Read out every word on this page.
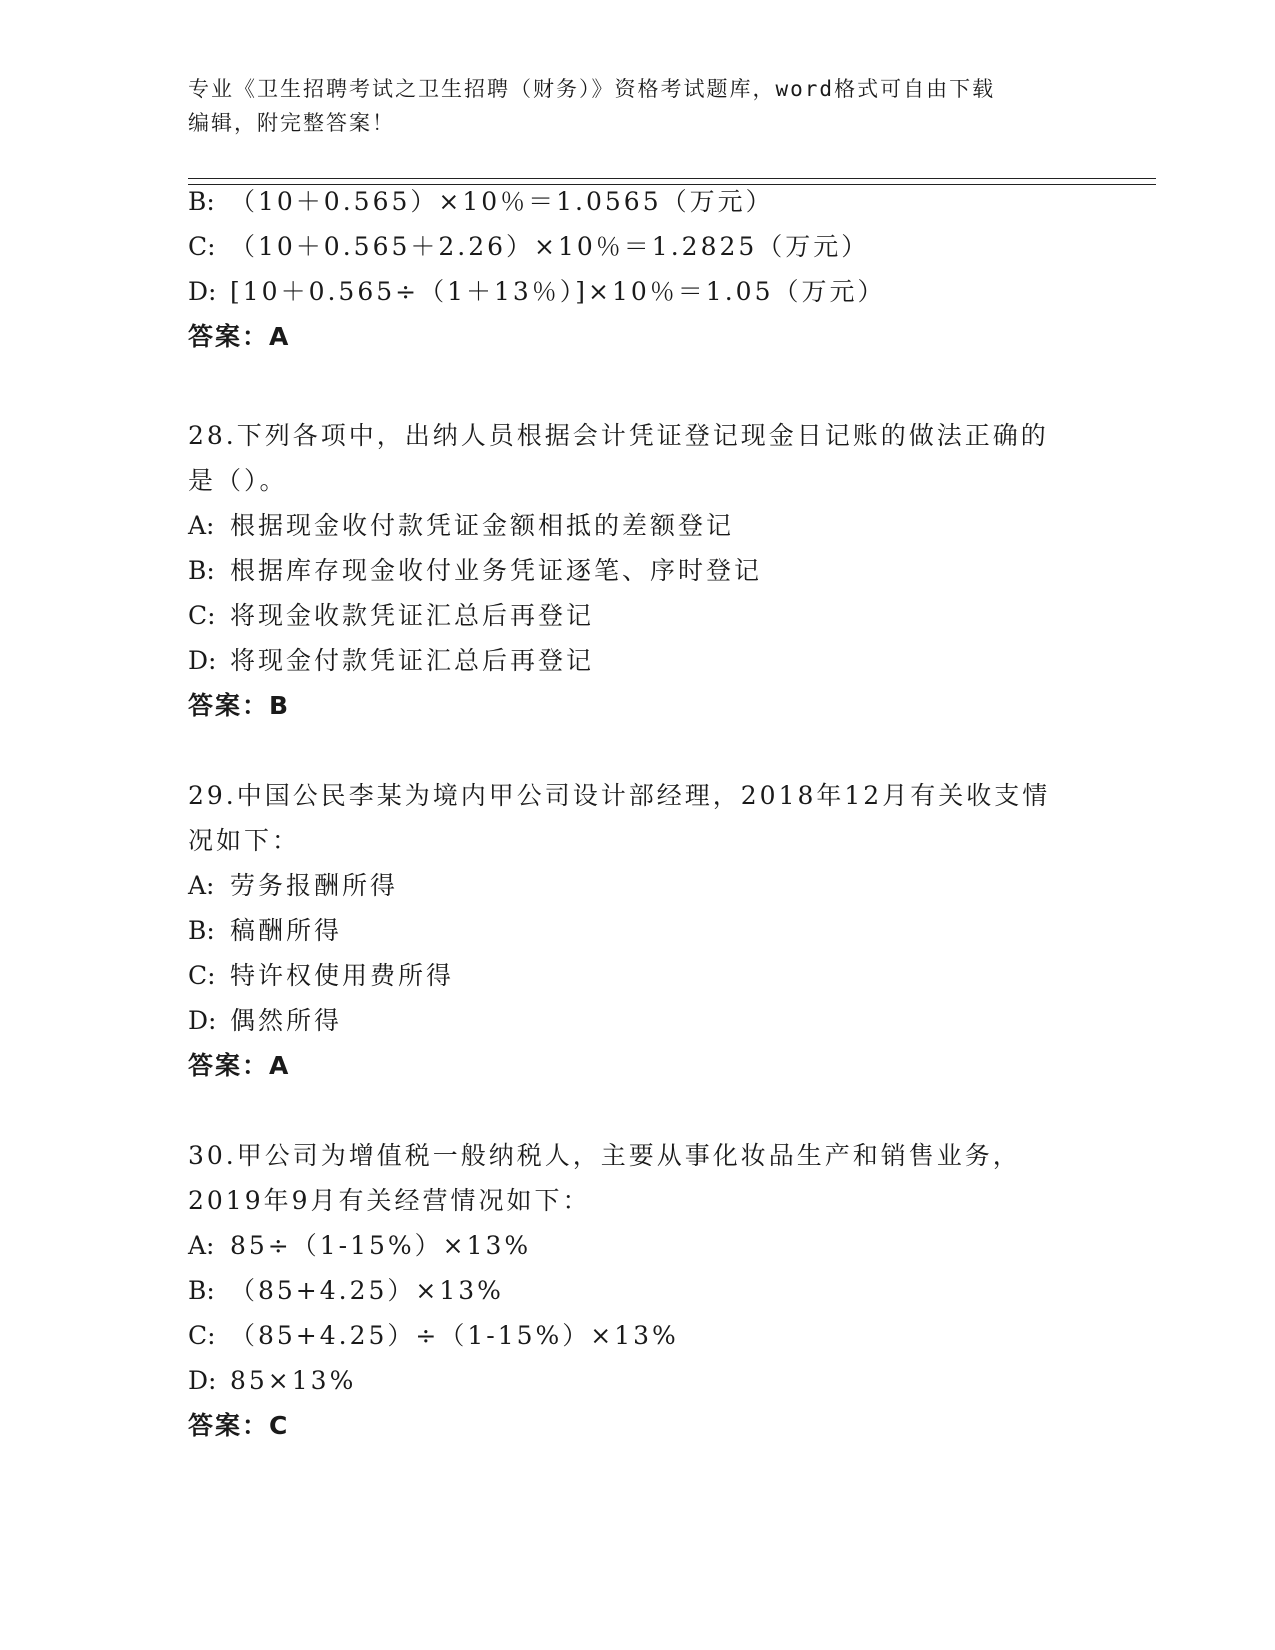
专业《卫生招聘考试之卫生招聘（财务）》资格考试题库，word格式可自由下载
编辑，附完整答案！
B: （10＋0.565）×10％＝1.0565（万元）
C: （10＋0.565＋2.26）×10％＝1.2825（万元）
D: [10＋0.565÷（1＋13％）]×10％＝1.05（万元）
答案：A
28.下列各项中，出纳人员根据会计凭证登记现金日记账的做法正确的
是（）。
A: 根据现金收付款凭证金额相抵的差额登记
B: 根据库存现金收付业务凭证逐笔、序时登记
C: 将现金收款凭证汇总后再登记
D: 将现金付款凭证汇总后再登记
答案：B
29.中国公民李某为境内甲公司设计部经理，2018年12月有关收支情
况如下：
A: 劳务报酬所得
B: 稿酬所得
C: 特许权使用费所得
D: 偶然所得
答案：A
30.甲公司为增值税一般纳税人，主要从事化妆品生产和销售业务，
2019年9月有关经营情况如下：
A: 85÷（1-15%）×13%
B: （85+4.25）×13%
C: （85+4.25）÷（1-15%）×13%
D: 85×13%
答案：C
